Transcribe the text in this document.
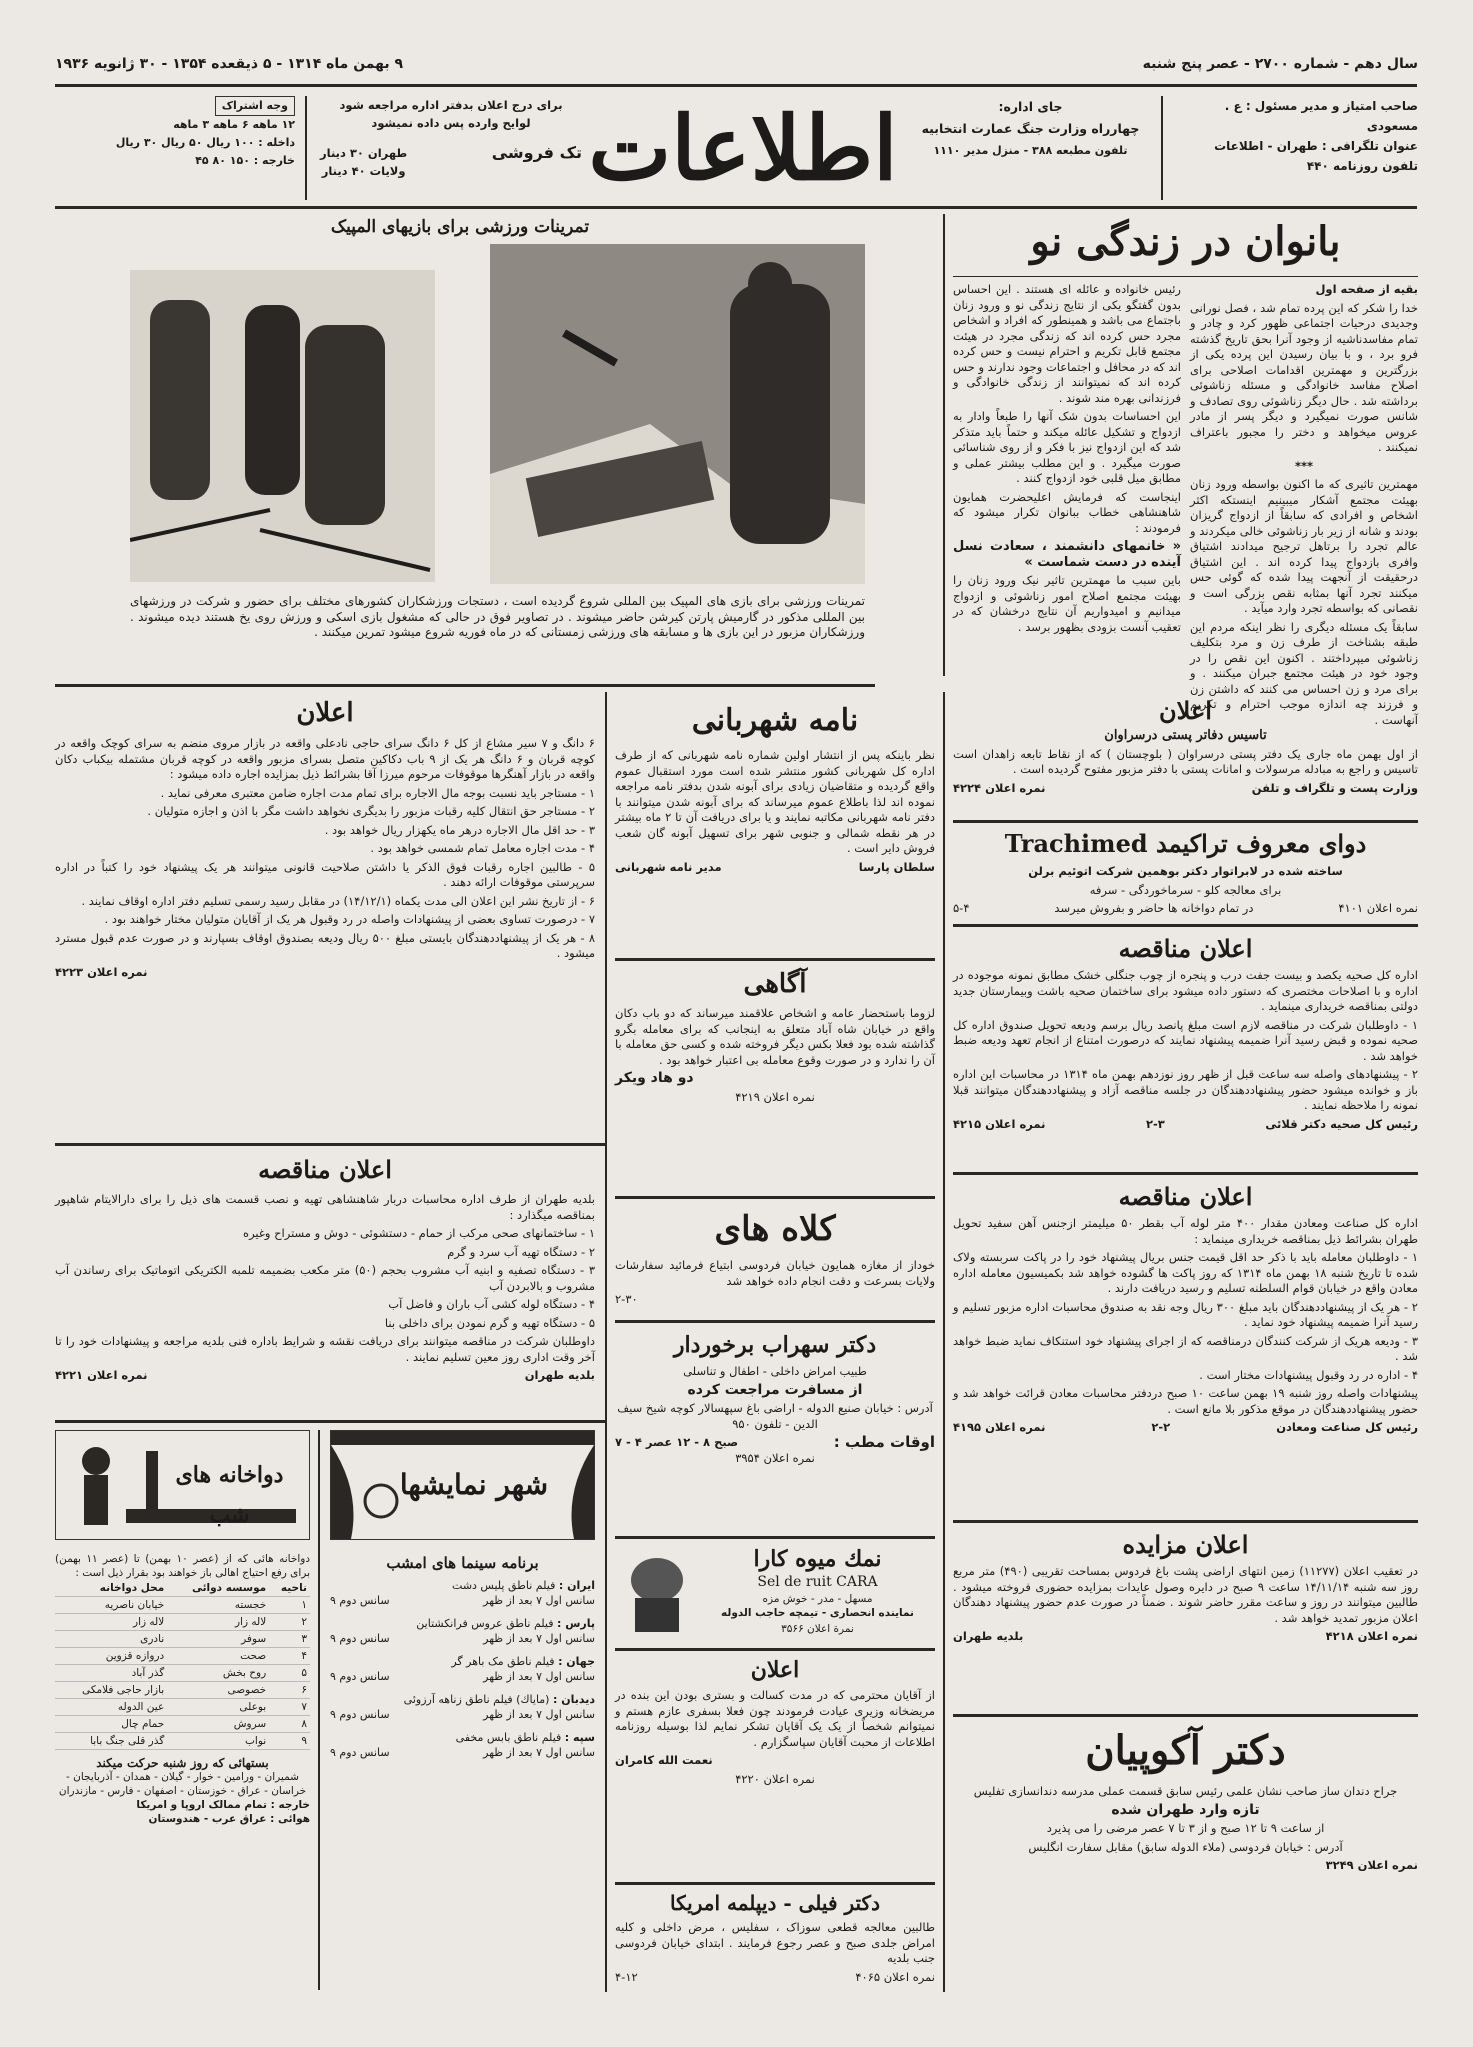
سال دهم - شماره ۲۷۰۰ - عصر پنج شنبه
۹ بهمن ماه ۱۳۱۴ - ۵ ذیقعده ۱۳۵۴ - ۳۰ ژانویه ۱۹۳۶
صاحب امتیاز و مدیر مسئول : ع . مسعودی
عنوان تلگرافی : طهران - اطلاعات
تلفون روزنامه ۴۴۰
جای اداره:
چهارراه وزارت جنگ عمارت انتخابیه
تلفون مطبعه ۳۸۸ - منزل مدیر ۱۱۱۰
اطلاعات
برای درج اعلان بدفتر اداره مراجعه شود
لوایح وارده پس داده نمیشود
تک فروشی
طهران ۳۰ دینار
ولایات ۴۰ دینار
وجه اشتراک
۱۲ ماهه ۶ ماهه ۳ ماهه
داخله : ۱۰۰ ریال ۵۰ ریال ۳۰ ریال
خارجه : ۱۵۰ ۸۰ ۴۵
بانوان در زندگی نو

بقیه از صفحه اول

خدا را شکر که این پرده تمام شد ، فصل نورانی وجدیدی درحیات اجتماعی ظهور کرد و چادر و تمام مفاسدناشیه از وجود آنرا بحق تاریخ گذشته فرو برد ، و با بیان رسیدن این پرده یکی از بزرگترین و مهمترین اقدامات اصلاحی برای اصلاح مفاسد خانوادگی و مسئله زناشوئی برداشته شد . حال دیگر زناشوئی روی تصادف و شانس صورت نمیگیرد و دیگر پسر از مادر عروس میخواهد و دختر را مجبور باعتراف نمیکنند .

***

مهمترین تاثیری که ما اکنون بواسطه ورود زنان بهیئت مجتمع آشکار میبینیم اینستکه اکثر اشخاص و افرادی که سابقاً از ازدواج گریزان بودند و شانه از زیر بار زناشوئی خالی میکردند و عالم تجرد را برتاهل ترجیح میدادند اشتیاق وافری بازدواج پیدا کرده اند . این اشتیاق درحقیقت از آنجهت پیدا شده که گوئی حس میکنند تجرد آنها بمثابه نقص بزرگی است و نقصانی که بواسطه تجرد وارد میآید .

سابقاً یک مسئله دیگری را نظر اینکه مردم این طبقه بشناخت از طرف زن و مرد بتکلیف زناشوئی میپرداختند . اکنون این نقص را در وجود خود در هیئت مجتمع جبران میکنند . و برای مرد و زن احساس می کنند که داشتن زن و فرزند چه اندازه موجب احترام و تکریم آنهاست .

رئیس خانواده و عائله ای هستند . این احساس بدون گفتگو یکی از نتایج زندگی نو و ورود زنان باجتماع می باشد و همینطور که افراد و اشخاص مجرد حس کرده اند که زندگی مجرد در هیئت مجتمع قابل تکریم و احترام نیست و حس کرده اند که در محافل و اجتماعات وجود ندارند و حس کرده اند که نمیتوانند از زندگی خانوادگی و فرزندانی بهره مند شوند .

این احساسات بدون شک آنها را طبعاً وادار به ازدواج و تشکیل عائله میکند و حتماً باید متذکر شد که این ازدواج نیز با فکر و از روی شناسائی صورت میگیرد . و این مطلب بیشتر عملی و مطابق میل قلبی خود ازدواج کنند .

اینجاست که فرمایش اعلیحضرت همایون شاهنشاهی خطاب ببانوان تکرار میشود که فرمودند :

« خانمهای دانشمند ، سعادت نسل آینده در دست شماست »

باین سبب ما مهمترین تاثیر نیک ورود زنان را بهیئت مجتمع اصلاح امور زناشوئی و ازدواج میدانیم و امیدواریم آن نتایج درخشان که در تعقیب آنست بزودی بظهور برسد .

تمرینات ورزشی برای بازیهای المپیک
تمرینات ورزشی برای بازی های المپیک بین المللی شروع گردیده است ، دستجات ورزشکاران کشورهای مختلف برای حضور و شرکت در ورزشهای بین المللی مذکور در گارمیش پارتن کیرشن حاضر میشوند . در تصاویر فوق در حالی که مشغول بازی اسکی و ورزش روی یخ هستند دیده میشوند . ورزشکاران مزبور در این بازی ها و مسابقه های ورزشی زمستانی که در ماه فوریه شروع میشود تمرین میکنند .
اعلان

۶ دانگ و ۷ سیر مشاع از کل ۶ دانگ سرای حاجی نادعلی واقعه در بازار مروی منضم به سرای کوچک واقعه در کوچه قربان و ۶ دانگ هر یک از ۹ باب دکاکین متصل بسرای مزبور واقعه در کوچه قربان مشتمله بیکباب دکان واقعه در بازار آهنگرها موقوفات مرحوم میرزا آقا بشرائط ذیل بمزایده اجاره داده میشود :

۱ - مستاجر باید نسبت بوجه مال الاجاره برای تمام مدت اجاره ضامن معتبری معرفی نماید .

۲ - مستاجر حق انتقال کلیه رقبات مزبور را بدیگری نخواهد داشت مگر با اذن و اجازه متولیان .

۳ - حد اقل مال الاجاره درهر ماه یکهزار ریال خواهد بود .

۴ - مدت اجاره معامل تمام شمسی خواهد بود .

۵ - طالبین اجاره رقبات فوق الذکر یا داشتن صلاحیت قانونی میتوانند هر یک پیشنهاد خود را کتباً در اداره سرپرستی موقوفات ارائه دهند .

۶ - از تاریخ نشر این اعلان الی مدت یکماه (۱۴/۱۲/۱) در مقابل رسید رسمی تسلیم دفتر اداره اوقاف نمایند .

۷ - درصورت تساوی بعضی از پیشنهادات واصله در رد وقبول هر یک از آقایان متولیان مختار خواهند بود .

۸ - هر یک از پیشنهاددهندگان بایستی مبلغ ۵۰۰ ریال ودیعه بصندوق اوقاف بسپارند و در صورت عدم قبول مسترد میشود .

نمره اعلان ۴۲۲۳

اعلان مناقصه

بلدیه طهران از طرف اداره محاسبات دربار شاهنشاهی تهیه و نصب قسمت های ذیل را برای دارالایتام شاهپور بمناقصه میگذارد :

۱ - ساختمانهای صحی مرکب از حمام - دستشوئی - دوش و مستراح وغیره

۲ - دستگاه تهیه آب سرد و گرم

۳ - دستگاه تصفیه و ابنیه آب مشروب بحجم (۵۰) متر مکعب بضمیمه تلمبه الکتریکی اتوماتیک برای رساندن آب مشروب و بالابردن آب

۴ - دستگاه لوله کشی آب باران و فاضل آب

۵ - دستگاه تهیه و گرم نمودن برای داخلی بنا

داوطلبان شرکت در مناقصه میتوانند برای دریافت نقشه و شرایط باداره فنی بلدیه مراجعه و پیشنهادات خود را تا آخر وقت اداری روز معین تسلیم نمایند .

بلدیه طهران
نمره اعلان ۴۲۲۱
شهر نمایشها
برنامه سینما های امشب
ایران : فیلم ناطق پلیس دشت
سانس اول ۷ بعد از ظهر
سانس دوم ۹
پارس : فیلم ناطق عروس فرانکشتاین
سانس اول ۷ بعد از ظهر
سانس دوم ۹
جهان : فیلم ناطق مک باهر گر
سانس اول ۷ بعد از ظهر
سانس دوم ۹
دیدبان : (ماياك) فیلم ناطق زناهه آرزوئی
سانس اول ۷ بعد از ظهر
سانس دوم ۹
سپه : فیلم ناطق بابس مخفی
سانس اول ۷ بعد از ظهر
سانس دوم ۹
دواخانه های شب
دواخانه هائی که از (عصر ۱۰ بهمن) تا (عصر ۱۱ بهمن) برای رفع احتیاج اهالی باز خواهند بود بقرار ذیل است :
ناحیه	موسسه دوائی	محل دواخانه
۱	خجسته	خیابان ناصریه
۲	لاله زار	لاله زار
۳	سوفر	نادری
۴	صحت	دروازه قزوین
۵	روح بخش	گذر آباد
۶	خصوصی	بازار حاجی فلامکی
۷	بوعلی	عین الدوله
۸	سروش	حمام چال
۹	نواب	گذر قلی جنگ بابا
بستهائی که روز شنبه حرکت میکند
شمیران - ورامین - خوار - گیلان - همدان - آذربایجان - خراسان - عراق - خوزستان - اصفهان - فارس - مازندران
خارجه : تمام ممالک اروپا و امریکا
هوائی : عراق عرب - هندوستان
نامه شهربانی

نظر باینکه پس از انتشار اولین شماره نامه شهربانی که از طرف اداره کل شهربانی کشور منتشر شده است مورد استقبال عموم واقع گردیده و متقاضیان زیادی برای آبونه شدن بدفتر نامه مراجعه نموده اند لذا باطلاع عموم میرساند که برای آبونه شدن میتوانند با دفتر نامه شهربانی مکاتبه نمایند و یا برای دریافت آن تا ۲ ماه بیشتر در هر نقطه شمالی و جنوبی شهر برای تسهیل آبونه گان شعب فروش دایر است .

سلطان پارسا
مدیر نامه شهربانی
آگاهی

لزوما باستحضار عامه و اشخاص علاقمند میرساند که دو باب دکان واقع در خیابان شاه آباد متعلق به اینجانب که برای معامله بگرو گذاشته شده بود فعلا بکس دیگر فروخته شده و کسی حق معامله با آن را ندارد و در صورت وقوع معامله بی اعتبار خواهد بود .

دو هاد ویکر

نمره اعلان ۴۲۱۹

کلاه های

خوداز از مغازه همایون خیابان فردوسی ابتیاع فرمائید سفارشات ولایات بسرعت و دقت انجام داده خواهد شد

۲-۳۰

دکتر سهراب برخوردار

طبیب امراض داخلی - اطفال و تناسلی

از مسافرت مراجعت کرده

آدرس : خیابان صنیع الدوله - اراضی باغ سپهسالار کوچه شیخ سیف الدین - تلفون ۹۵۰

اوقات مطب :
صبح ۸ - ۱۲ عصر ۴ - ۷

نمره اعلان ۳۹۵۴

نمك میوه كارا
Sel de ruit CARA
مسهل - مدر - خوش مزه
نماینده انحصاری - تیمچه حاجب الدوله
نمرة اعلان ۳۵۶۶
اعلان

از آقایان محترمی که در مدت کسالت و بستری بودن این بنده در مریضخانه وزیری عیادت فرمودند چون فعلا بسفری عازم هستم و نمیتوانم شخصاً از یک یک آقایان تشکر نمایم لذا بوسیله روزنامه اطلاعات از محبت آقایان سپاسگزارم .

نعمت الله کامران

نمره اعلان ۴۲۲۰

دکتر فیلی - دیپلمه امریکا

طالبین معالجه قطعی سوزاک ، سفلیس ، مرض داخلی و کلیه امراض جلدی صبح و عصر رجوع فرمایند . ابتدای خیابان فردوسی جنب بلدیه

نمره اعلان ۴۰۶۵
۴-۱۲
اعلان

تاسیس دفاتر پستی درسراوان

از اول بهمن ماه جاری یک دفتر پستی درسراوان ( بلوچستان ) که از نقاط تابعه زاهدان است تاسیس و راجع به مبادله مرسولات و امانات پستی با دفتر مزبور مفتوح گردیده است .

وزارت پست و تلگراف و تلفن
نمره اعلان ۴۲۲۴
دوای معروف تراكيمد Trachimed

ساخته شده در لابراتوار دکتر بوهمین شرکت اتوئیم برلن

برای معالجه کلو - سرماخوردگی - سرفه

نمره اعلان ۴۱۰۱
در تمام دواخانه ها حاضر و بفروش میرسد
۵-۴
اعلان مناقصه

اداره کل صحیه یکصد و بیست جفت درب و پنجره از چوب جنگلی خشک مطابق نمونه موجوده در اداره و با اصلاحات مختصری که دستور داده میشود برای ساختمان صحیه باشت وبیمارستان جدید دولتی بمناقصه خریداری مینماید .

۱ - داوطلبان شرکت در مناقصه لازم است مبلغ پانصد ریال برسم ودیعه تحویل صندوق اداره کل صحیه نموده و قبض رسید آنرا ضمیمه پیشنهاد نمایند که درصورت امتناع از انجام تعهد ودیعه ضبط خواهد شد .

۲ - پیشنهادهای واصله سه ساعت قبل از ظهر روز نوزدهم بهمن ماه ۱۳۱۴ در محاسبات این اداره باز و خوانده میشود حضور پیشنهاددهندگان در جلسه مناقصه آزاد و پیشنهاددهندگان میتوانند قبلا نمونه را ملاحظه نمایند .

رئیس کل صحیه دکتر قلائی
۲-۳
نمره اعلان ۴۲۱۵
اعلان مناقصه

اداره کل صناعت ومعادن مقدار ۴۰۰ متر لوله آب بقطر ۵۰ میلیمتر ازجنس آهن سفید تحویل طهران بشرائط ذیل بمناقصه خریداری مینماید :

۱ - داوطلبان معامله باید با ذکر حد اقل قیمت جنس بریال پیشنهاد خود را در پاکت سربسته ولاک شده تا تاریخ شنبه ۱۸ بهمن ماه ۱۳۱۴ که روز پاکت ها گشوده خواهد شد بکمیسیون معامله اداره معادن واقع در خیابان قوام السلطنه تسلیم و رسید دریافت دارند .

۲ - هر یک از پیشنهاددهندگان باید مبلغ ۳۰۰ ریال وجه نقد به صندوق محاسبات اداره مزبور تسلیم و رسید آنرا ضمیمه پیشنهاد خود نماید .

۳ - ودیعه هریک از شرکت کنندگان درمناقصه که از اجرای پیشنهاد خود استنکاف نماید ضبط خواهد شد .

۴ - اداره در رد وقبول پیشنهادات مختار است .

پیشنهادات واصله روز شنبه ۱۹ بهمن ساعت ۱۰ صبح دردفتر محاسبات معادن قرائت خواهد شد و حضور پیشنهاددهندگان در موقع مذکور بلا مانع است .

رئیس کل صناعت ومعادن
۲-۲
نمره اعلان ۴۱۹۵
اعلان مزایده

در تعقیب اعلان (۱۱۲۷۷) زمین انتهای اراضی پشت باغ فردوس بمساحت تقریبی (۴۹۰) متر مربع روز سه شنبه ۱۴/۱۱/۱۴ ساعت ۹ صبح در دایره وصول عایدات بمزایده حضوری فروخته میشود . طالبین میتوانند در روز و ساعت مقرر حاضر شوند . ضمناً در صورت عدم حضور پیشنهاد دهندگان اعلان مزبور تمدید خواهد شد .

نمره اعلان ۴۲۱۸
بلدیه طهران
دکتر آکوپیان

جراح دندان ساز صاحب نشان علمی رئیس سابق قسمت عملی مدرسه دندانسازی تفلیس

تازه وارد طهران شده

از ساعت ۹ تا ۱۲ صبح و از ۳ تا ۷ عصر مرضی را می پذیرد

آدرس : خیابان فردوسی (ملاء الدوله سابق) مقابل سفارت انگلیس

نمره اعلان ۳۲۴۹
